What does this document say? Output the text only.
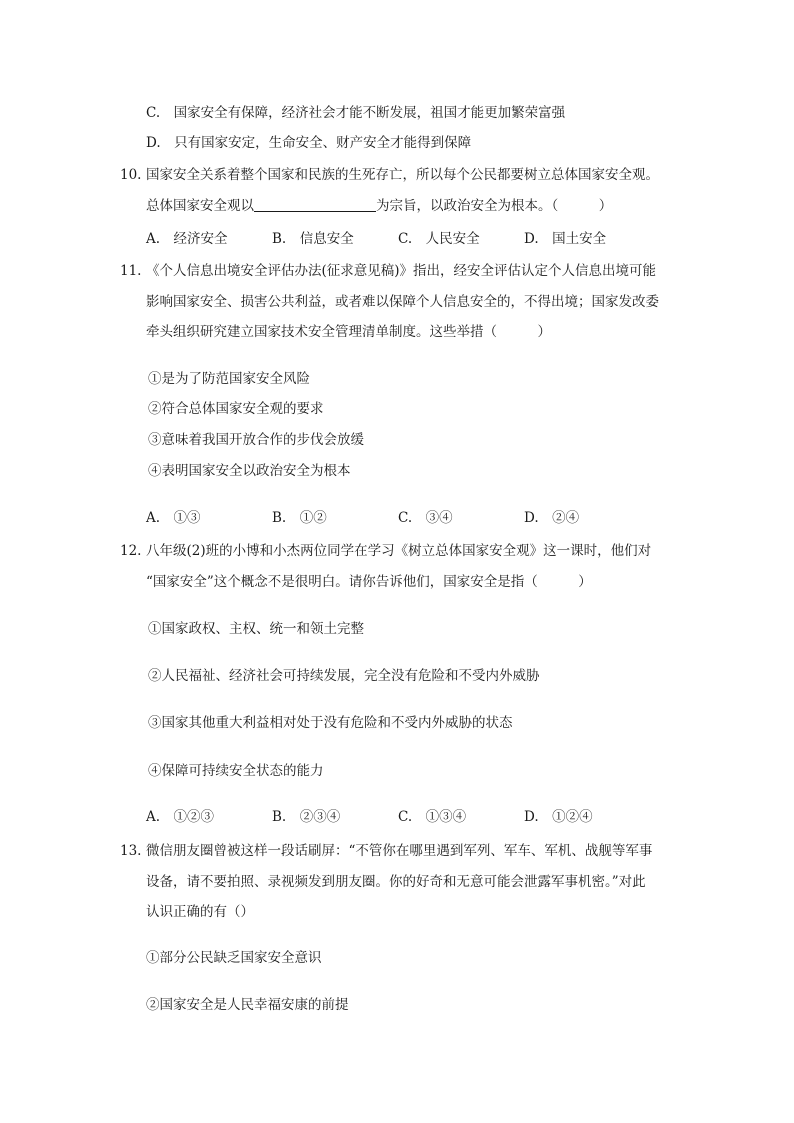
C.　国家安全有保障，经济社会才能不断发展，祖国才能更加繁荣富强
D.　只有国家安定，生命安全、财产安全才能得到保障
10. 国家安全关系着整个国家和民族的生死存亡，所以每个公民都要树立总体国家安全观。
总体国家安全观以	为宗旨，以政治安全为根本。（　　　）
A.　经济安全	B.　信息安全	C.　人民安全	D.　国土安全
11. 《个人信息出境安全评估办法(征求意见稿)》指出，经安全评估认定个人信息出境可能
影响国家安全、损害公共利益，或者难以保障个人信息安全的，不得出境；国家发改委
牵头组织研究建立国家技术安全管理清单制度。这些举措（　　　）
①是为了防范国家安全风险
②符合总体国家安全观的要求
③意味着我国开放合作的步伐会放缓
④表明国家安全以政治安全为根本
A.　①③	B.　①②	C.　③④	D.　②④
12. 八年级(2)班的小博和小杰两位同学在学习《树立总体国家安全观》这一课时，他们对
“国家安全”这个概念不是很明白。请你告诉他们，国家安全是指（　　　）
①国家政权、主权、统一和领土完整
②人民福祉、经济社会可持续发展，完全没有危险和不受内外威胁
③国家其他重大利益相对处于没有危险和不受内外威胁的状态
④保障可持续安全状态的能力
A.　①②③	B.　②③④	C.　①③④	D.　①②④
13. 微信朋友圈曾被这样一段话刷屏：“不管你在哪里遇到军列、军车、军机、战舰等军事
设备，请不要拍照、录视频发到朋友圈。你的好奇和无意可能会泄露军事机密。”对此
认识正确的有（）
①部分公民缺乏国家安全意识
②国家安全是人民幸福安康的前提
